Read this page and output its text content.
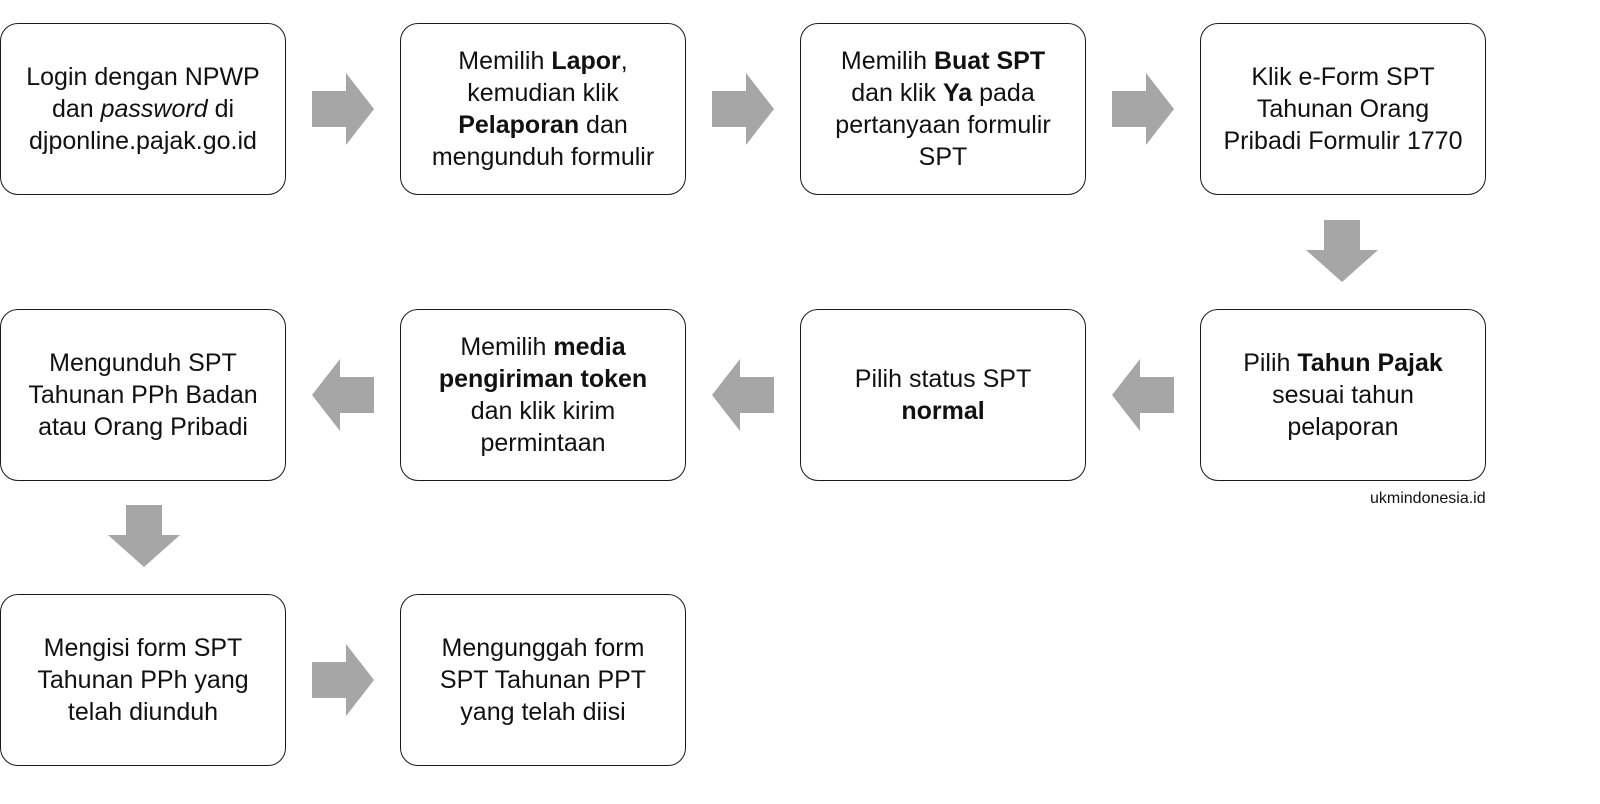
Login dengan NPWP
dan password di
djponline.pajak.go.id

Memilih Lapor,
kemudian klik
Pelaporan dan
mengunduh formulir

Memilih Buat SPT
dan klik Ya pada
pertanyaan formulir
SPT

Klik e-Form SPT
Tahunan Orang
Pribadi Formulir 1770

Pilih Tahun Pajak
sesuai tahun
pelaporan

Pilih status SPT
normal

Memilih media
pengiriman token
dan klik kirim
permintaan

Mengunduh SPT
Tahunan PPh Badan
atau Orang Pribadi

Mengisi form SPT
Tahunan PPh yang
telah diunduh

Mengunggah form
SPT Tahunan PPT
yang telah diisi

ukmindonesia.id
